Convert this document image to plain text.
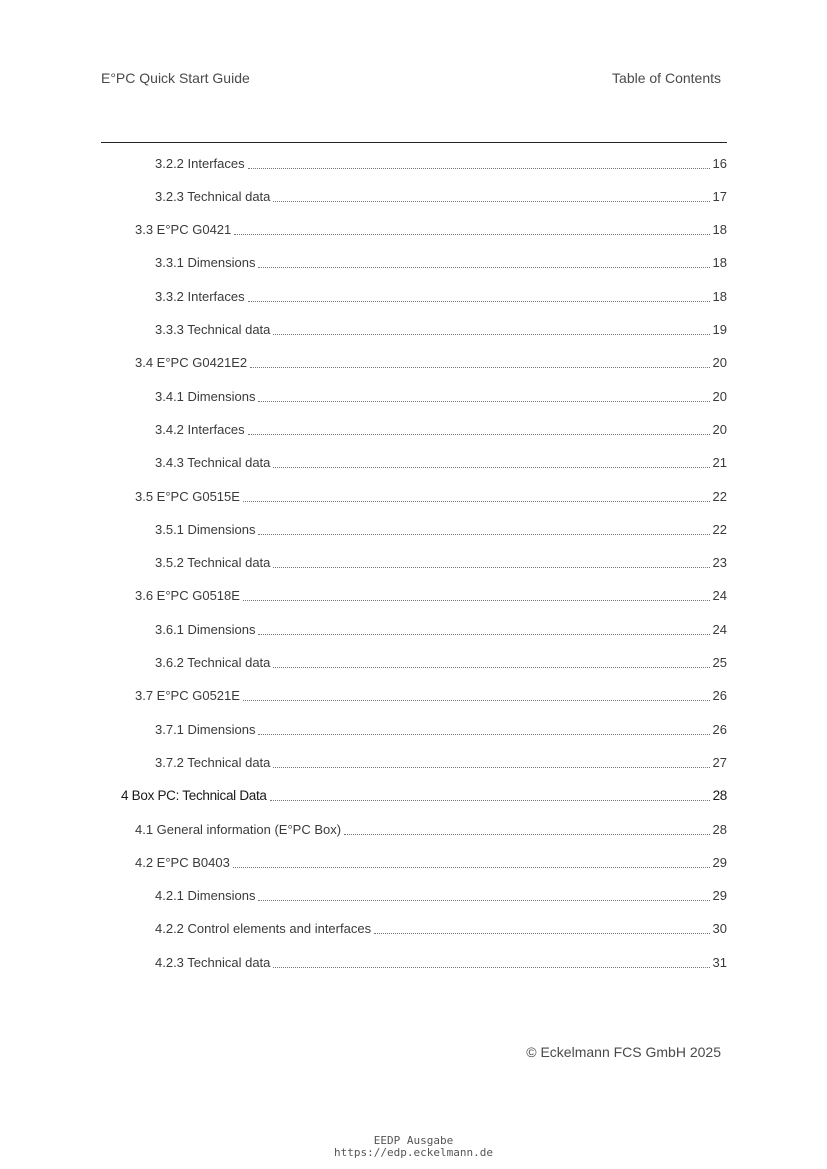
E°PC Quick Start Guide	Table of Contents
3.2.2 Interfaces	16
3.2.3 Technical data	17
3.3 E°PC G0421	18
3.3.1 Dimensions	18
3.3.2 Interfaces	18
3.3.3 Technical data	19
3.4 E°PC G0421E2	20
3.4.1 Dimensions	20
3.4.2 Interfaces	20
3.4.3 Technical data	21
3.5 E°PC G0515E	22
3.5.1 Dimensions	22
3.5.2 Technical data	23
3.6 E°PC G0518E	24
3.6.1 Dimensions	24
3.6.2 Technical data	25
3.7 E°PC G0521E	26
3.7.1 Dimensions	26
3.7.2 Technical data	27
4 Box PC: Technical Data	28
4.1 General information (E°PC Box)	28
4.2 E°PC B0403	29
4.2.1 Dimensions	29
4.2.2 Control elements and interfaces	30
4.2.3 Technical data	31
© Eckelmann FCS GmbH 2025
EEDP Ausgabe
https://edp.eckelmann.de
